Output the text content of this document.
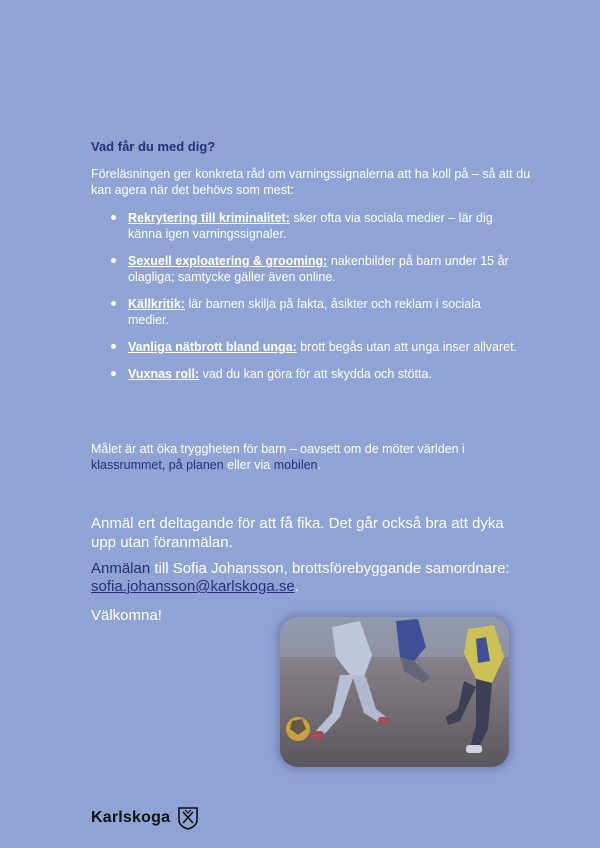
Vad får du med dig?

Föreläsningen ger konkreta råd om varningssignalerna att ha koll på – så att du kan agera när det behövs som mest:

Rekrytering till kriminalitet: sker ofta via sociala medier – lär dig känna igen varningssignaler.
Sexuell exploatering & grooming: nakenbilder på barn under 15 år olagliga; samtycke gäller även online.
Källkritik: lär barnen skilja på fakta, åsikter och reklam i sociala medier.
Vanliga nätbrott bland unga: brott begås utan att unga inser allvaret.
Vuxnas roll: vad du kan göra för att skydda och stötta.

Målet är att öka tryggheten för barn – oavsett om de möter världen i klassrummet, på planen eller via mobilen.

Anmäl ert deltagande för att få fika. Det går också bra att dyka upp utan föranmälan.

Anmälan till Sofia Johansson, brottsförebyggande samordnare: sofia.johansson@karlskoga.se.

Välkomna!

Karlskoga
